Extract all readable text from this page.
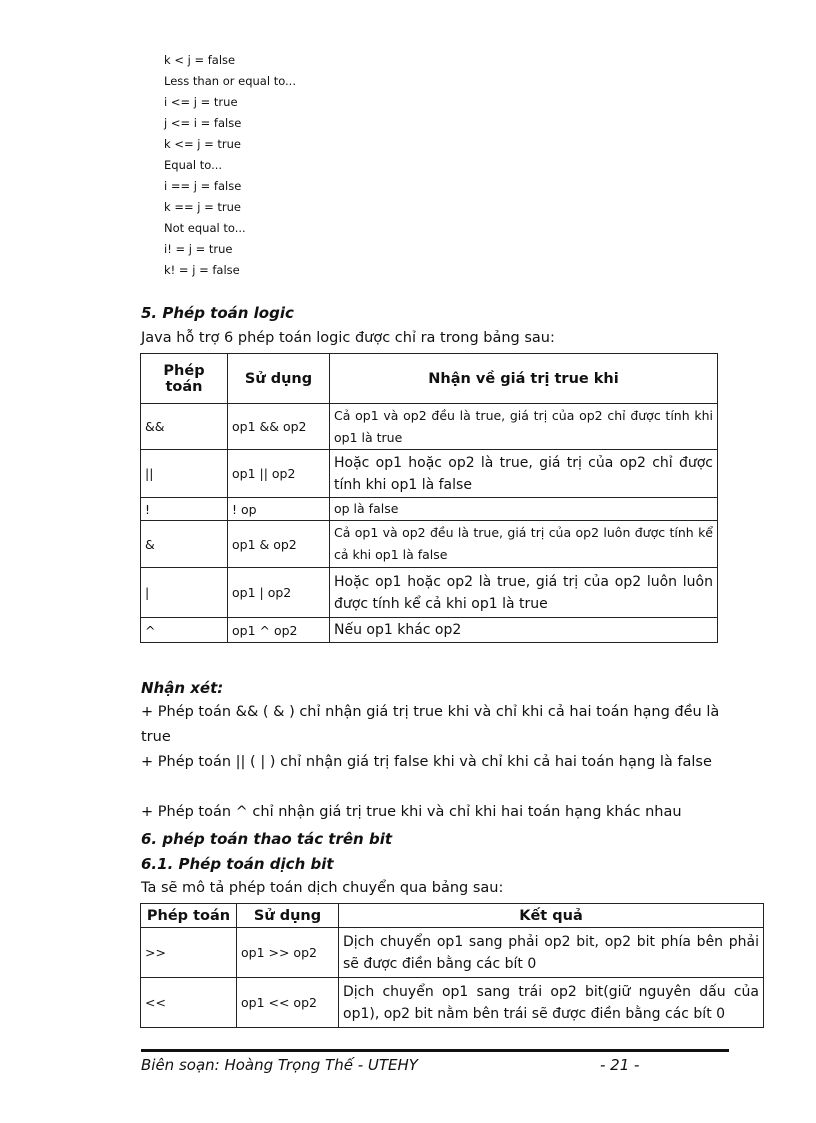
k < j = false
Less than or equal to...
i <= j = true
j <= i = false
k <= j = true
Equal to...
i == j = false
k == j = true
Not equal to...
i! = j = true
k! = j = false
5. Phép toán logic
Java hỗ trợ 6 phép toán logic được chỉ ra trong bảng sau:
Phép toán	Sử dụng	Nhận về giá trị true khi
&&	op1 && op2	Cả op1 và op2 đều là true, giá trị của op2 chỉ được tính khi op1 là true
||	op1 || op2	Hoặc op1 hoặc op2 là true, giá trị của op2 chỉ được tính khi op1 là false
!	! op	op là false
&	op1 & op2	Cả op1 và op2 đều là true, giá trị của op2 luôn được tính kể cả khi op1 là false
|	op1 | op2	Hoặc op1 hoặc op2 là true, giá trị của op2 luôn luôn được tính kể cả khi op1 là true
^	op1 ^ op2	Nếu op1 khác op2
Nhận xét:
+ Phép toán && ( & ) chỉ nhận giá trị true khi và chỉ khi cả hai toán hạng đều là true
+ Phép toán || ( | ) chỉ nhận giá trị false khi và chỉ khi cả hai toán hạng là false
+ Phép toán ^ chỉ nhận giá trị true khi và chỉ khi hai toán hạng khác nhau
6. phép toán thao tác trên bit
6.1. Phép toán dịch bit
Ta sẽ mô tả phép toán dịch chuyển qua bảng sau:
Phép toán	Sử dụng	Kết quả
>>	op1 >> op2	Dịch chuyển op1 sang phải op2 bit, op2 bit phía bên phải sẽ được điền bằng các bít 0
<<	op1 << op2	Dịch chuyển op1 sang trái op2 bit(giữ nguyên dấu của op1), op2 bit nằm bên trái sẽ được điền bằng các bít 0
Biên soạn: Hoàng Trọng Thế - UTEHY	- 21 -
